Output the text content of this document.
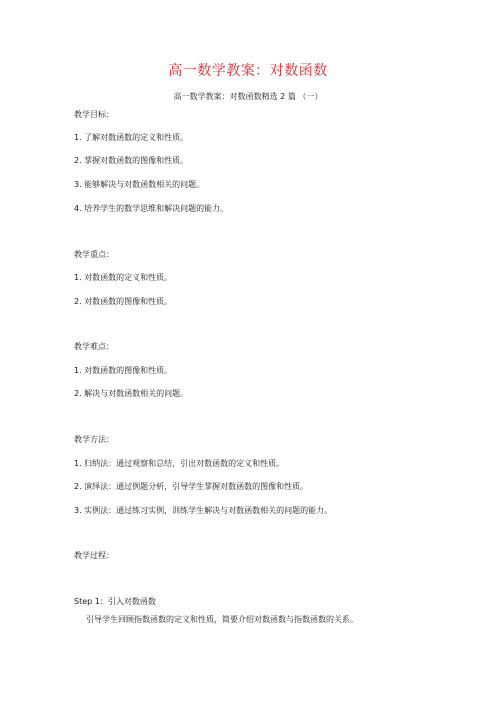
高一数学教案：对数函数
高一数学教案：对数函数精选 2 篇 （一）
教学目标：
1. 了解对数函数的定义和性质。
2. 掌握对数函数的图像和性质。
3. 能够解决与对数函数相关的问题。
4. 培养学生的数学思维和解决问题的能力。
教学重点：
1. 对数函数的定义和性质。
2. 对数函数的图像和性质。
教学难点：
1. 对数函数的图像和性质。
2. 解决与对数函数相关的问题。
教学方法：
1. 归纳法：通过观察和总结，引出对数函数的定义和性质。
2. 演绎法：通过例题分析，引导学生掌握对数函数的图像和性质。
3. 实例法：通过练习实例，训练学生解决与对数函数相关的问题的能力。
教学过程：
Step 1：引入对数函数
引导学生回顾指数函数的定义和性质，简要介绍对数函数与指数函数的关系。
